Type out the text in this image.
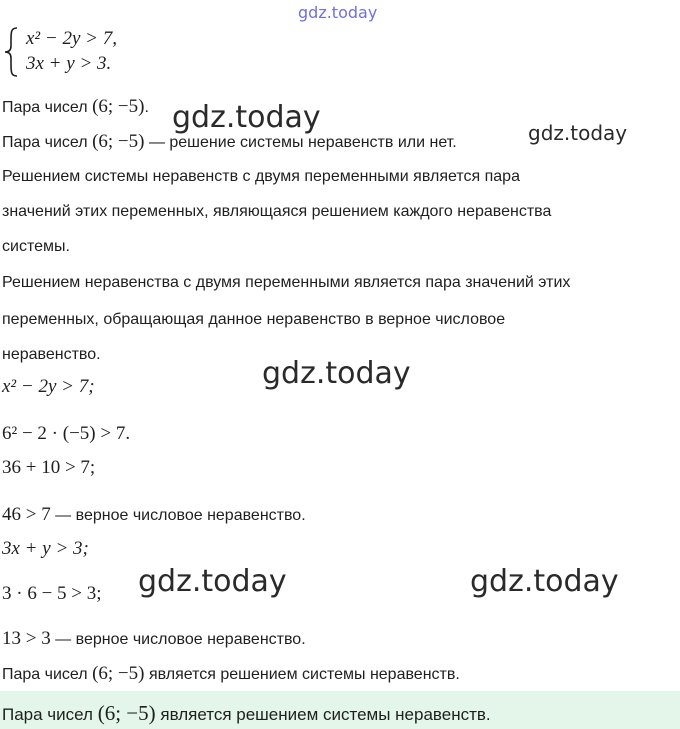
gdz.today
x² − 2y > 7,
3x + y > 3.
Пара чисел (6; −5). gdz.today
Пара чисел (6; −5) — решение системы неравенств или нет.	gdz.today
Решением системы неравенств с двумя переменными является пара
значений этих переменных, являющаяся решением каждого неравенства
системы.
Решением неравенства с двумя переменными является пара значений этих
переменных, обращающая данное неравенство в верное числовое
неравенство.
x² − 2y > 7;	gdz.today
6² − 2 · (−5) > 7.
36 + 10 > 7;
46 > 7 — верное числовое неравенство.
3x + y > 3;
3 · 6 − 5 > 3; gdz.today	gdz.today
13 > 3 — верное числовое неравенство.
Пара чисел (6; −5) является решением системы неравенств.
Пара чисел (6; −5) является решением системы неравенств.
